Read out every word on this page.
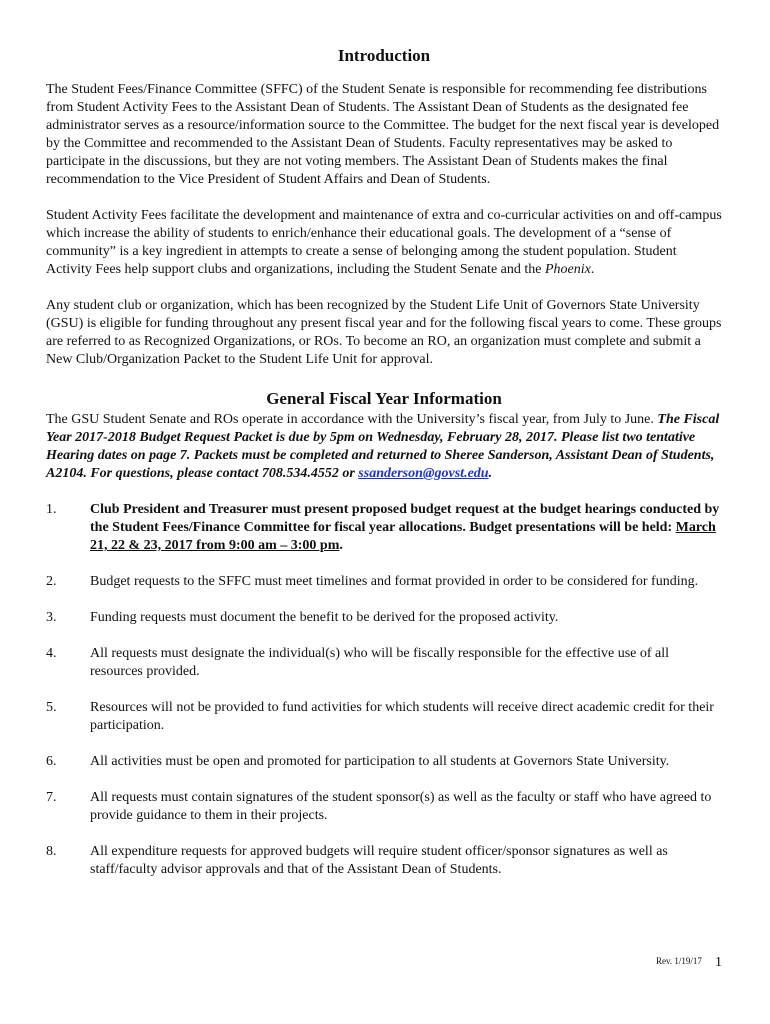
Introduction

The Student Fees/Finance Committee (SFFC) of the Student Senate is responsible for recommending fee distributions from Student Activity Fees to the Assistant Dean of Students. The Assistant Dean of Students as the designated fee administrator serves as a resource/information source to the Committee. The budget for the next fiscal year is developed by the Committee and recommended to the Assistant Dean of Students. Faculty representatives may be asked to participate in the discussions, but they are not voting members. The Assistant Dean of Students makes the final recommendation to the Vice President of Student Affairs and Dean of Students.

Student Activity Fees facilitate the development and maintenance of extra and co-curricular activities on and off-campus which increase the ability of students to enrich/enhance their educational goals. The development of a “sense of community” is a key ingredient in attempts to create a sense of belonging among the student population. Student Activity Fees help support clubs and organizations, including the Student Senate and the Phoenix.

Any student club or organization, which has been recognized by the Student Life Unit of Governors State University (GSU) is eligible for funding throughout any present fiscal year and for the following fiscal years to come. These groups are referred to as Recognized Organizations, or ROs. To become an RO, an organization must complete and submit a New Club/Organization Packet to the Student Life Unit for approval.

General Fiscal Year Information

The GSU Student Senate and ROs operate in accordance with the University’s fiscal year, from July to June. The Fiscal Year 2017-2018 Budget Request Packet is due by 5pm on Wednesday, February 28, 2017. Please list two tentative Hearing dates on page 7. Packets must be completed and returned to Sheree Sanderson, Assistant Dean of Students, A2104. For questions, please contact 708.534.4552 or ssanderson@govst.edu.

1. Club President and Treasurer must present proposed budget request at the budget hearings conducted by the Student Fees/Finance Committee for fiscal year allocations. Budget presentations will be held: March 21, 22 & 23, 2017 from 9:00 am – 3:00 pm.
2. Budget requests to the SFFC must meet timelines and format provided in order to be considered for funding.
3. Funding requests must document the benefit to be derived for the proposed activity.
4. All requests must designate the individual(s) who will be fiscally responsible for the effective use of all resources provided.
5. Resources will not be provided to fund activities for which students will receive direct academic credit for their participation.
6. All activities must be open and promoted for participation to all students at Governors State University.
7. All requests must contain signatures of the student sponsor(s) as well as the faculty or staff who have agreed to provide guidance to them in their projects.
8. All expenditure requests for approved budgets will require student officer/sponsor signatures as well as staff/faculty advisor approvals and that of the Assistant Dean of Students.
Rev. 1/19/17 1
